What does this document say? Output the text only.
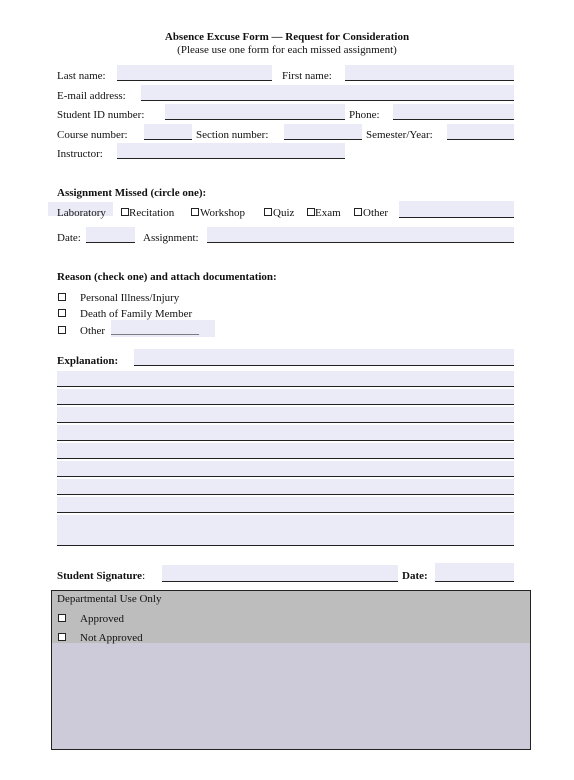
Absence Excuse Form — Request for Consideration
(Please use one form for each missed assignment)
Last name:	First name:
E-mail address:
Student ID number:	Phone:
Course number:	Section number:	Semester/Year:
Instructor:
Assignment Missed (circle one):
Laboratory Recitation Workshop	Quiz Exam Other
Date:	Assignment:
Reason (check one) and attach documentation:
Personal Illness/Injury
Death of Family Member
Other ________________
Explanation:
Student Signature:	Date:
Departmental Use Only
Approved
Not Approved
